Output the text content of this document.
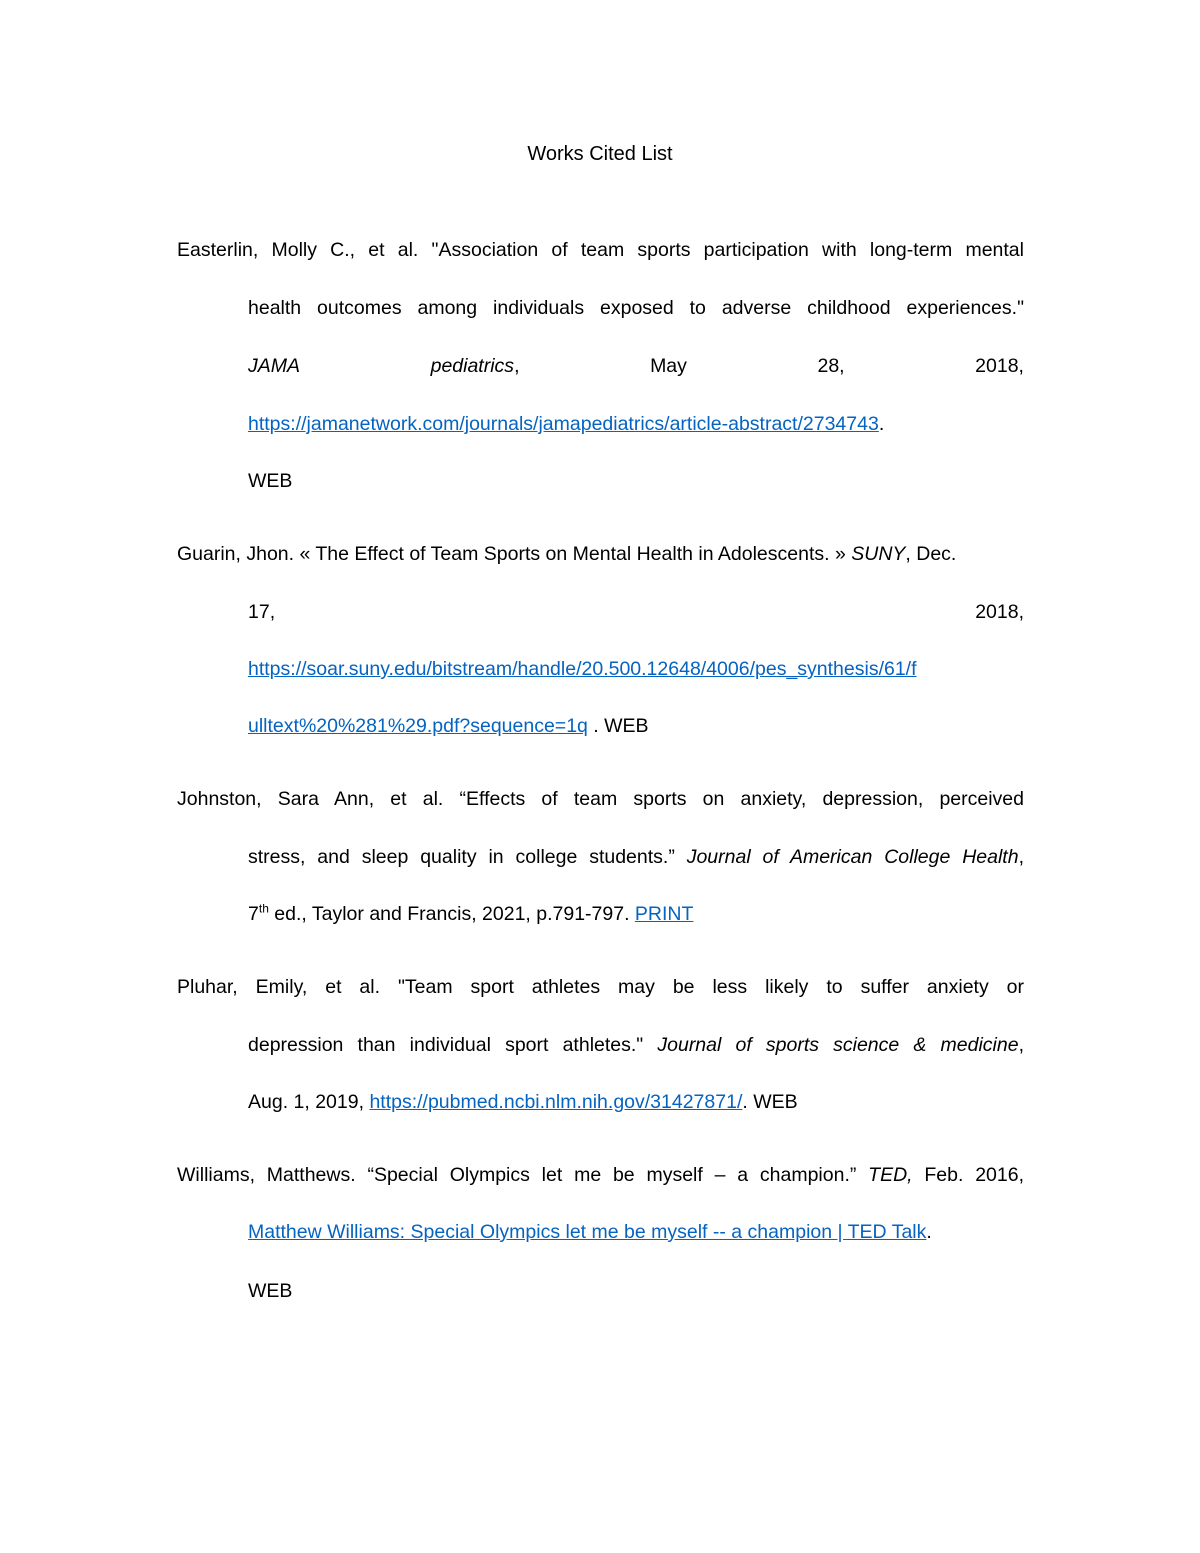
Works Cited List
Easterlin, Molly C., et al. "Association of team sports participation with long-term mental
health outcomes among individuals exposed to adverse childhood experiences."
JAMA	pediatrics,	May	28,	2018,
https://jamanetwork.com/journals/jamapediatrics/article-abstract/2734743.
WEB
Guarin, Jhon. « The Effect of Team Sports on Mental Health in Adolescents. » SUNY, Dec.
17,	2018,
https://soar.suny.edu/bitstream/handle/20.500.12648/4006/pes_synthesis/61/f
ulltext%20%281%29.pdf?sequence=1q . WEB
Johnston, Sara Ann, et al. “Effects of team sports on anxiety, depression, perceived
stress, and sleep quality in college students.” Journal of American College Health,
7th ed., Taylor and Francis, 2021, p.791-797. PRINT
Pluhar, Emily, et al. "Team sport athletes may be less likely to suffer anxiety or
depression than individual sport athletes." Journal of sports science & medicine,
Aug. 1, 2019, https://pubmed.ncbi.nlm.nih.gov/31427871/. WEB
Williams, Matthews. “Special Olympics let me be myself – a champion.” TED, Feb. 2016,
Matthew Williams: Special Olympics let me be myself -- a champion | TED Talk.
WEB
